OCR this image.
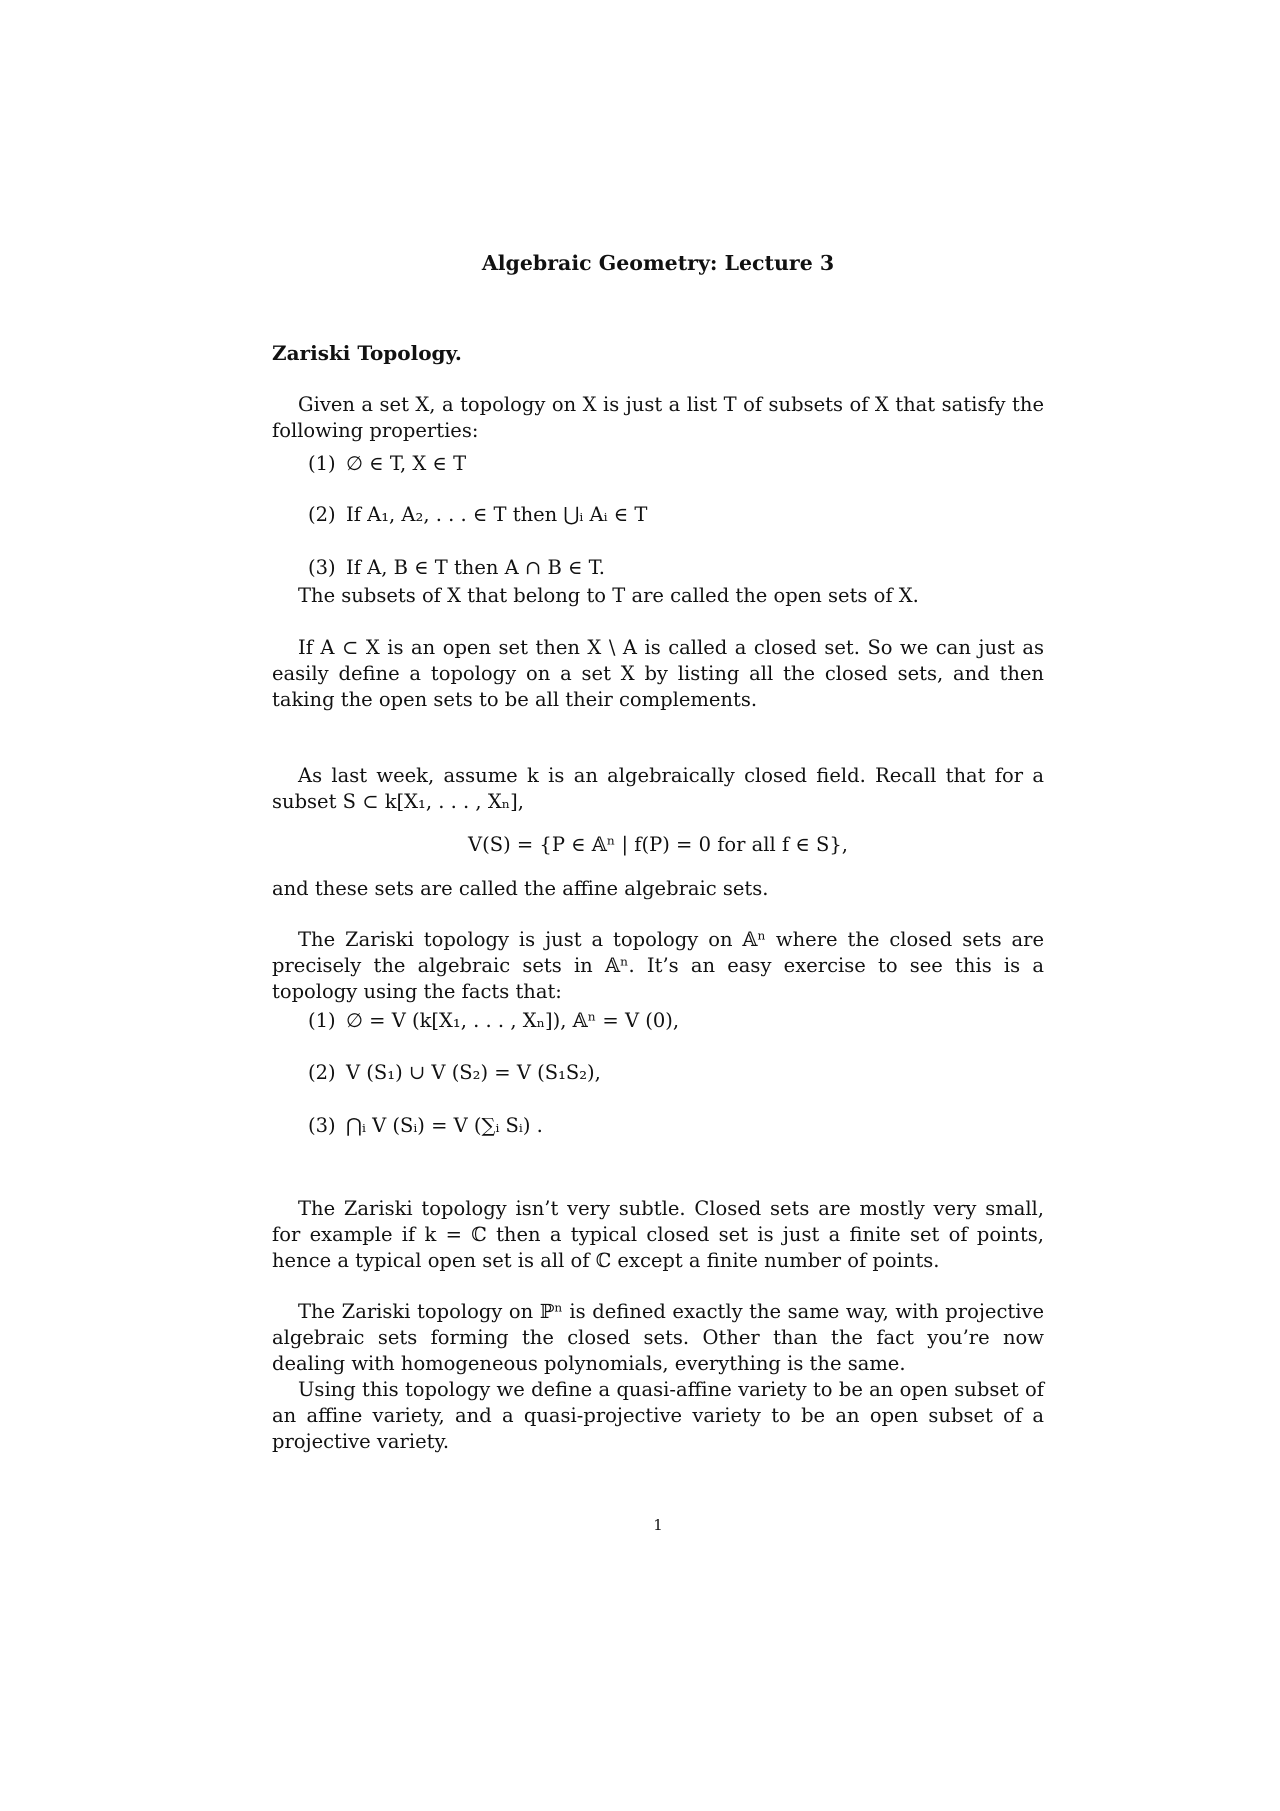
Algebraic Geometry: Lecture 3
Zariski Topology.

Given a set X, a topology on X is just a list T of subsets of X that satisfy the following properties:

(1) ∅ ∈ T, X ∈ T
(2) If A₁, A₂, . . . ∈ T then ⋃ᵢ Aᵢ ∈ T
(3) If A, B ∈ T then A ∩ B ∈ T.

The subsets of X that belong to T are called the open sets of X.

If A ⊂ X is an open set then X \ A is called a closed set. So we can just as easily define a topology on a set X by listing all the closed sets, and then taking the open sets to be all their complements.

As last week, assume k is an algebraically closed field. Recall that for a subset S ⊂ k[X₁, . . . , Xₙ],

V(S) = {P ∈ 𝔸ⁿ | f(P) = 0 for all f ∈ S},

and these sets are called the affine algebraic sets.

The Zariski topology is just a topology on 𝔸ⁿ where the closed sets are precisely the algebraic sets in 𝔸ⁿ. It’s an easy exercise to see this is a topology using the facts that:

(1) ∅ = V (k[X₁, . . . , Xₙ]), 𝔸ⁿ = V (0),
(2) V (S₁) ∪ V (S₂) = V (S₁S₂),
(3) ⋂ᵢ V (Sᵢ) = V (∑ᵢ Sᵢ) .

The Zariski topology isn’t very subtle. Closed sets are mostly very small, for example if k = ℂ then a typical closed set is just a finite set of points, hence a typical open set is all of ℂ except a finite number of points.

The Zariski topology on ℙⁿ is defined exactly the same way, with projective algebraic sets forming the closed sets. Other than the fact you’re now dealing with homogeneous polynomials, everything is the same.

Using this topology we define a quasi-affine variety to be an open subset of an affine variety, and a quasi-projective variety to be an open subset of a projective variety.

1
